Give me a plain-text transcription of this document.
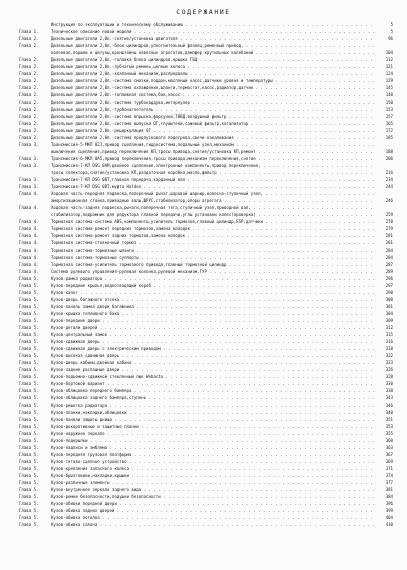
СОДЕРЖАНИЕ
Инструкция по эксплуатации и техническому обслуживанию . . .	5
Глава 1.	Техническое описание новой модели . . .	5
Глава 2.	Дизельные двигатели 2,0л.-снятие/установка двигателя . . .	96
Глава 2.	Дизельные двигатели 2,0л.-блок цилиндров,уплотнительный фланец,ременный привод, . . .
коленвал,поршни и шатуны,кронштейны навесных агрегатов,демпфер крутильных колебаний . . .	104
Глава 2.	Дизельные двигатели 2,0л.-головка блока цилиндров,крышка ГБЦ . . .	112
Глава 2.	Дизельные двигатели 2,0л.-зубчатый ремень,цепные колеса . . .	121
Глава 2.	Дизельные двигатели 2,0л.-клапанный механизм,распредвалы . . .	124
Глава 2.	Дизельные двигатели 2,0л.-система смазки,поддон,масляный насос,датчики уровня и температуры . . .	129
Глава 2.	Дизельные двигатели 2,0л.-система охлаждения,шланги,термостат,насос,радиатор,датчик . . .	145
Глава 2.	Дизельные двигатели 2,0л.-топливная система,бак,насос . . .	148
Глава 2.	Дизельные двигатели 2,0л.-система турбонаддува,интеркулер . . .	150
Глава 2.	Дизельные двигатели 2,0л.-турбонагнетатель . . .	153
Глава 2.	Дизельные двигатели 2,0л.-система впрыска,форсунки,ТНВД,воздушный фильтр . . .	157
Глава 2.	Дизельные двигатели 2,0л.-система выпуска ОГ,глушители,сажевый фильтр,катализатор . . .	165
Глава 2.	Дизельные двигатели 2,0л.-рециркуляция ОГ . . .	172
Глава 2.	Дизельные двигатели 2,0л.-система предпускового подогрева,свечи накаливания . . .	185
Глава 3.	Трансмиссия-5-МКП 02J,привод сцепления,гидросистема,педальный узел,механизм . . .
выключения сцепления,привод переключения КП,тросы привода,снятие/установка КП,ремонт . . .	188
Глава 3.	Трансмиссия-6-МКП 0A5,привод переключения,тросы привода,механизм переключения,снятие . . .	206
Глава 3.	Трансмиссия-7-КП DSG 0AM,двойное сцепление,электронные компоненты,привод переключения, . . .
тросы селектора,снятие/установка КП,раздаточная коробка,масло,фильтр . . .	216
Глава 3.	Трансмиссия-7-КП DSG 0BT,главная передача,карданный вал . . .	234
Глава 3.	Трансмиссия-7-КП DSG 0BT,муфта Haldex . . .	244
Глава 4.	Ходовая часть-передняя подвеска,поперечный рычаг,шаровой шарнир,колесно-ступичный узел, . . .
амортизационная стойка,приводные валы,ШРУС,стабилизатор,опоры агрегата . . .	246
Глава 4.	Ходовая часть-задняя подвеска,рычаги,поперечная тяга,ступичный узел,приводной вал, . . .
стабилизатор,подрамник для редуктора главной передачи,углы установки колес(проверка) . . .	259
Глава 4.	Тормозная система-система ABS,компоненты,усилитель тормозов,главный цилиндр,ESP,датчики . . .	270
Глава 4.	Тормозная система-ремонт передних тормозов,замена колодок . . .	279
Глава 4.	Тормозная система-ремонт задних тормозов,замена колодок . . .	281
Глава 4.	Тормозная система-стояночный тормоз . . .	281
Глава 4.	Тормозная система-тормозные шланги . . .	284
Глава 4.	Тормозная система-тормозные суппорты . . .	284
Глава 4.	Тормозная система-усилитель тормозного привода,главный тормозной цилиндр . . .	287
Глава 4.	Система рулевого управления-рулевая колонка,рулевой механизм,ГУР . . .	289
Глава 5.	Кузов-рамка радиатора . . .	296
Глава 5.	Кузов-передние крылья,водоотводящий короб . . .	297
Глава 5.	Кузов-капот . . .	298
Глава 5.	Кузов-дверь багажного отсека . . .	300
Глава 5.	Кузов-панель замка двери багажника . . .	301
Глава 5.	Кузов-крышка топливного бака . . .	304
Глава 5.	Кузов-передние двери . . .	309
Глава 5.	Кузов-детали дверей . . .	312
Глава 5.	Кузов-центральный замок . . .	315
Глава 5.	Кузов-сдвижная дверь . . .	316
Глава 5.	Кузов-сдвижная дверь с электрическим приводом . . .	318
Глава 5.	Кузов-высокая сдвижная дверь . . .	322
Глава 5.	Кузов-дверь кабины,двойная кабина . . .	323
Глава 5.	Кузов-задние распашные двери . . .	326
Глава 5.	Кузов-подъемно-сдвижной стеклянный люк Webasto . . .	328
Глава 5.	Кузов-бортовой вариант . . .	330
Глава 5.	Кузов-облицовка переднего бампера . . .	338
Глава 5.	Кузов-облицовка заднего бампера,ступень . . .	343
Глава 5.	Кузов-решетка радиатора . . .	346
Глава 5.	Кузов-планки,накладки,облицовки . . .	348
Глава 5.	Кузов-панели защиты днища . . .	351
Глава 5.	Кузов-декоративные и защитные планки . . .	353
Глава 5.	Кузов-наружное зеркало . . .	355
Глава 5.	Кузов-подкрылки . . .	360
Глава 5.	Кузов-надписи и эмблема . . .	363
Глава 5.	Кузов-передняя грузовая платформа . . .	367
Глава 5.	Кузов-тягово-сцепное устройство . . .	369
Глава 5.	Кузов-крепления запасного колеса . . .	371
Глава 5.	Кузов-брызговики,накладки,крышки . . .	374
Глава 5.	Кузов-различные элементы . . .	377
Глава 5.	Кузов-внутреннее зеркало заднего вида . . .	381
Глава 5.	Кузов-ремни безопасности,подушки безопасности . . .	384
Глава 5.	Кузов-обивки передней двери . . .	396
Глава 5.	Кузов-обивка задних дверей . . .	399
Глава 5.	Кузов-обивка потолка . . .	404
Глава 5.	Кузов-обивка салона . . .	410
